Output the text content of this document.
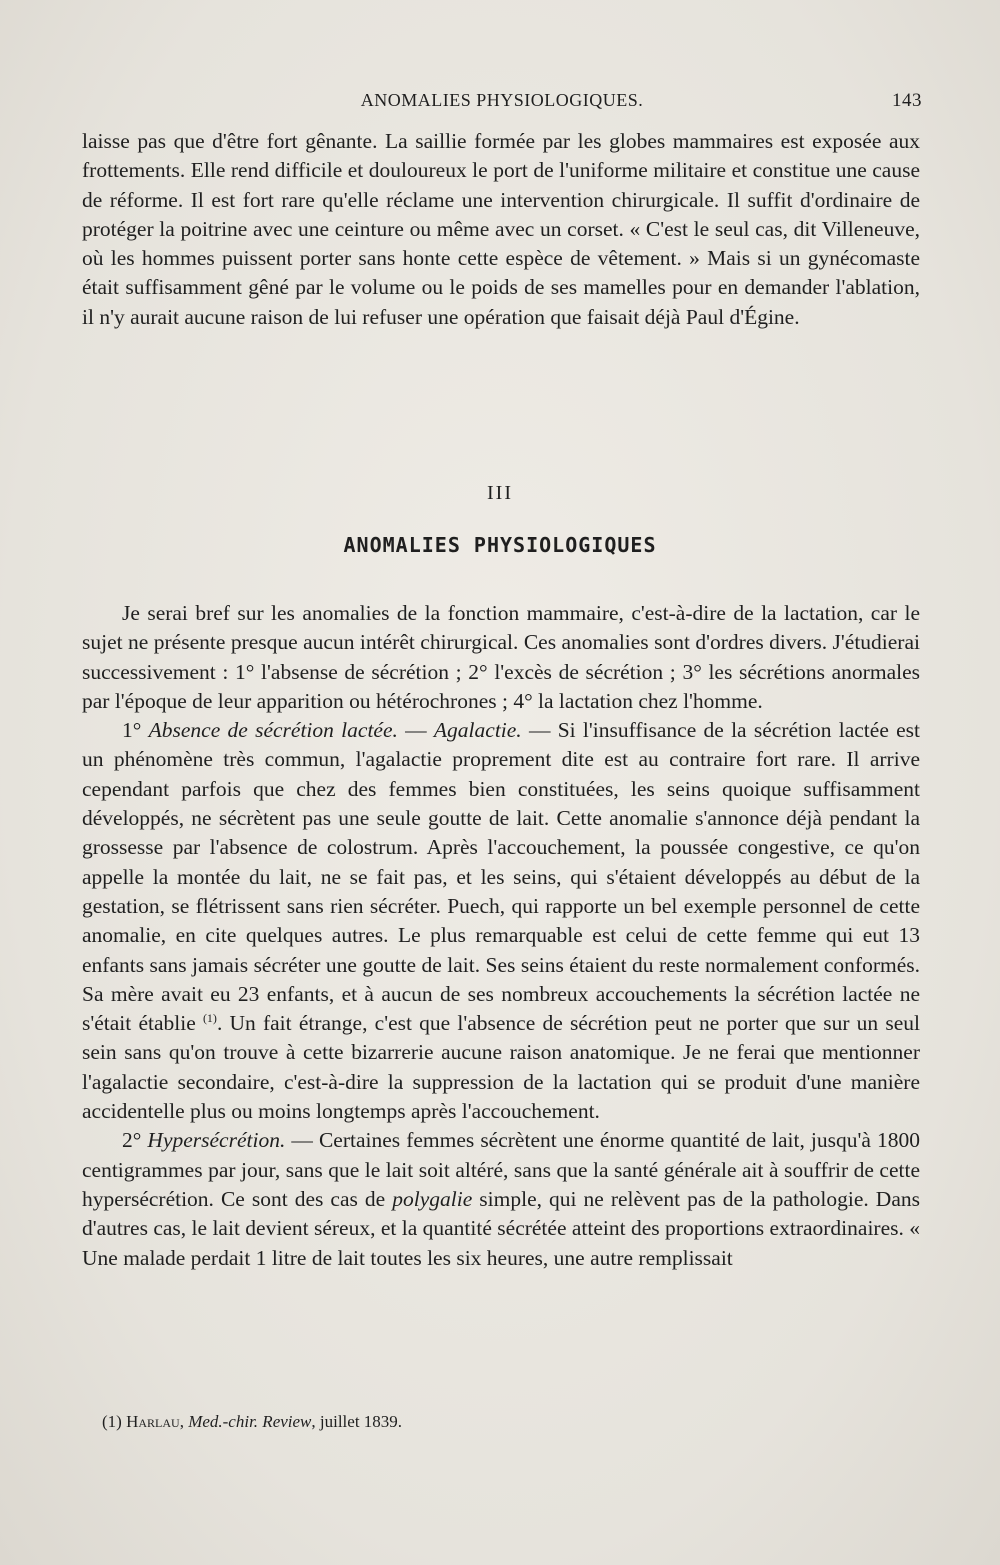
ANOMALIES PHYSIOLOGIQUES.	143

laisse pas que d'être fort gênante. La saillie formée par les globes mammaires est exposée aux frottements. Elle rend difficile et douloureux le port de l'uniforme militaire et constitue une cause de réforme. Il est fort rare qu'elle réclame une intervention chirurgicale. Il suffit d'ordinaire de protéger la poitrine avec une ceinture ou même avec un corset. « C'est le seul cas, dit Villeneuve, où les hommes puissent porter sans honte cette espèce de vêtement. » Mais si un gynécomaste était suffisamment gêné par le volume ou le poids de ses mamelles pour en demander l'ablation, il n'y aurait aucune raison de lui refuser une opération que faisait déjà Paul d'Égine.

III
ANOMALIES PHYSIOLOGIQUES

Je serai bref sur les anomalies de la fonction mammaire, c'est-à-dire de la lactation, car le sujet ne présente presque aucun intérêt chirurgical. Ces anomalies sont d'ordres divers. J'étudierai successivement : 1° l'absense de sécrétion ; 2° l'excès de sécrétion ; 3° les sécrétions anormales par l'époque de leur apparition ou hétérochrones ; 4° la lactation chez l'homme.

1° Absence de sécrétion lactée. — Agalactie. — Si l'insuffisance de la sécrétion lactée est un phénomène très commun, l'agalactie proprement dite est au contraire fort rare. Il arrive cependant parfois que chez des femmes bien constituées, les seins quoique suffisamment développés, ne sécrètent pas une seule goutte de lait. Cette anomalie s'annonce déjà pendant la grossesse par l'absence de colostrum. Après l'accouchement, la poussée congestive, ce qu'on appelle la montée du lait, ne se fait pas, et les seins, qui s'étaient développés au début de la gestation, se flétrissent sans rien sécréter. Puech, qui rapporte un bel exemple personnel de cette anomalie, en cite quelques autres. Le plus remarquable est celui de cette femme qui eut 13 enfants sans jamais sécréter une goutte de lait. Ses seins étaient du reste normalement conformés. Sa mère avait eu 23 enfants, et à aucun de ses nombreux accouchements la sécrétion lactée ne s'était établie $^{(1)}$. Un fait étrange, c'est que l'absence de sécrétion peut ne porter que sur un seul sein sans qu'on trouve à cette bizarrerie aucune raison anatomique. Je ne ferai que mentionner l'agalactie secondaire, c'est-à-dire la suppression de la lactation qui se produit d'une manière accidentelle plus ou moins longtemps après l'accouchement.

2° Hypersécrétion. — Certaines femmes sécrètent une énorme quantité de lait, jusqu'à 1800 centigrammes par jour, sans que le lait soit altéré, sans que la santé générale ait à souffrir de cette hypersécrétion. Ce sont des cas de polygalie simple, qui ne relèvent pas de la pathologie. Dans d'autres cas, le lait devient séreux, et la quantité sécrétée atteint des proportions extraordinaires. « Une malade perdait 1 litre de lait toutes les six heures, une autre remplissait

(1) Harlau, Med.-chir. Review, juillet 1839.
